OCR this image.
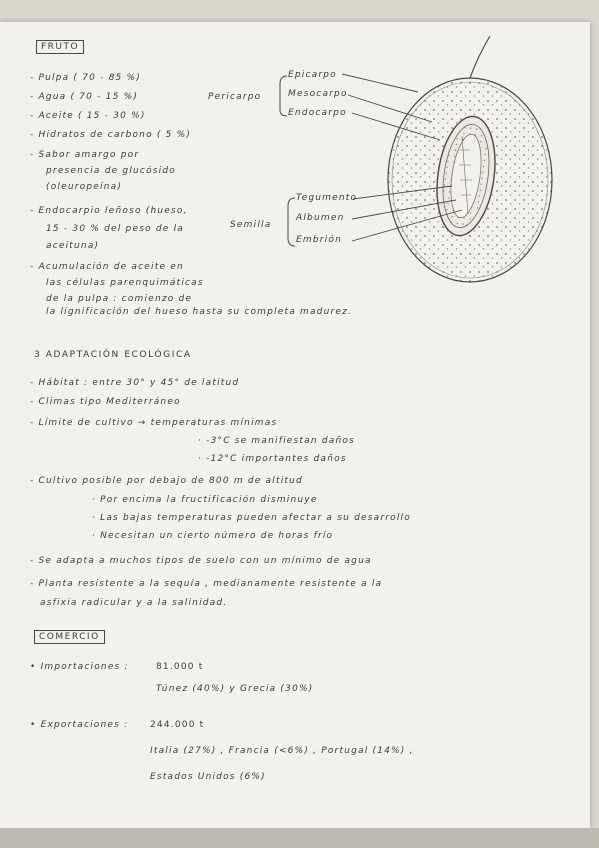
FRUTO
- Pulpa ( 70 - 85 %)
- Agua ( 70 - 15 %)
- Aceite ( 15 - 30 %)
- Hidratos de carbono ( 5 %)
- Sabor amargo por
presencia de glucósido
(oleuropeína)
- Endocarpio leñoso (hueso,
15 - 30 % del peso de la
aceituna)
- Acumulación de aceite en
las células parenquimáticas
de la pulpa : comienzo de
la lignificación del hueso hasta su completa madurez.
Pericarpo
Epicarpo
Mesocarpo
Endocarpo
Semilla
Tegumento
Albumen
Embrión
3 ADAPTACIÓN ECOLÓGICA
- Hábitat : entre 30° y 45° de latitud
- Climas tipo Mediterráneo
- Límite de cultivo → temperaturas mínimas
· -3°C se manifiestan daños
· -12°C importantes daños
- Cultivo posible por debajo de 800 m de altitud
· Por encima la fructificación disminuye
· Las bajas temperaturas pueden afectar a su desarrollo
· Necesitan un cierto número de horas frío
- Se adapta a muchos tipos de suelo con un mínimo de agua
- Planta resistente a la sequía , medianamente resistente a la
asfixia radicular y a la salinidad.
COMERCIO
• Importaciones :	81.000 t
Túnez (40%) y Grecia (30%)
• Exportaciones : 244.000 t
Italia (27%) , Francia (<6%) , Portugal (14%) ,
Estados Unidos (6%)
